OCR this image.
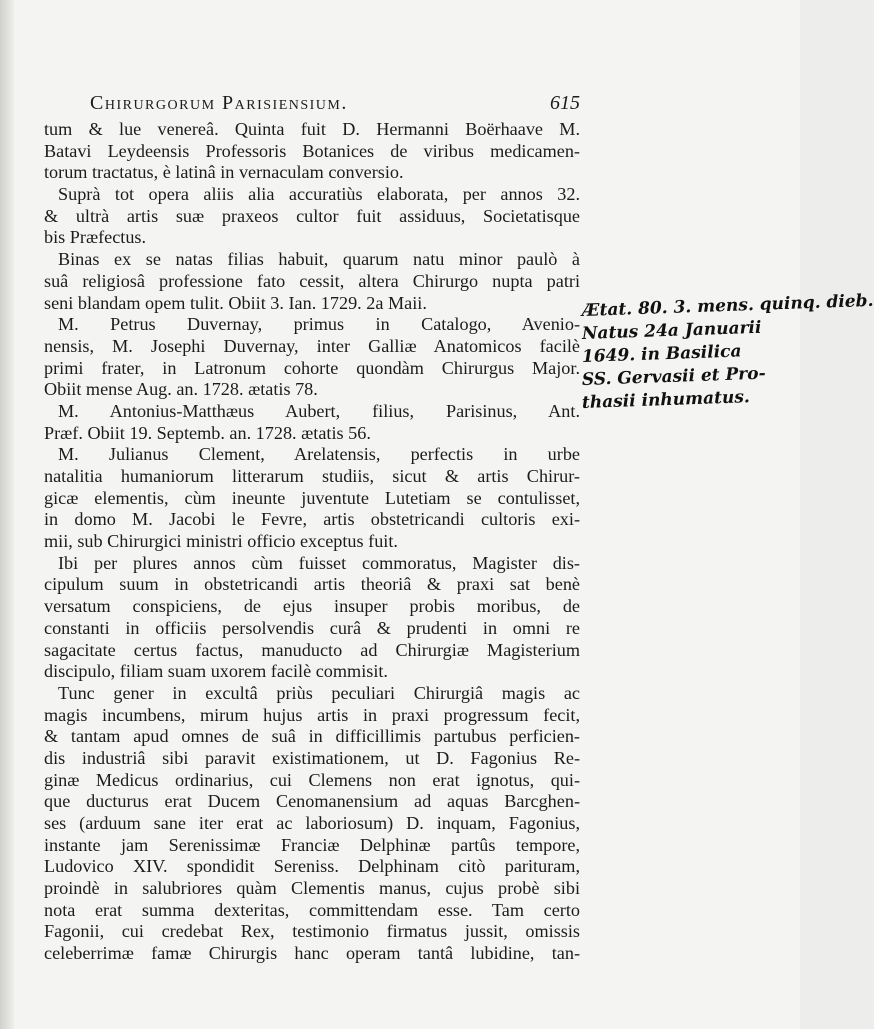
Chirurgorum Parisiensium.	615
tum & lue venereâ. Quinta fuit D. Hermanni Boërhaave M.
Batavi Leydeensis Professoris Botanices de viribus medicamen-
torum tractatus, è latinâ in vernaculam conversio.
Suprà tot opera aliis alia accuratiùs elaborata, per annos 32.
& ultrà artis suæ praxeos cultor fuit assiduus, Societatisque
bis Præfectus.
Binas ex se natas filias habuit, quarum natu minor paulò à
suâ religiosâ professione fato cessit, altera Chirurgo nupta patri
seni blandam opem tulit. Obiit 3. Ian. 1729. 2a Maii.
M. Petrus Duvernay, primus in Catalogo, Avenio-
nensis, M. Josephi Duvernay, inter Galliæ Anatomicos facilè
primi frater, in Latronum cohorte quondàm Chirurgus Major.
Obiit mense Aug. an. 1728. ætatis 78.
M. Antonius-Matthæus Aubert, filius, Parisinus, Ant.
Præf. Obiit 19. Septemb. an. 1728. ætatis 56.
M. Julianus Clement, Arelatensis, perfectis in urbe
natalitia humaniorum litterarum studiis, sicut & artis Chirur-
gicæ elementis, cùm ineunte juventute Lutetiam se contulisset,
in domo M. Jacobi le Fevre, artis obstetricandi cultoris exi-
mii, sub Chirurgici ministri officio exceptus fuit.
Ibi per plures annos cùm fuisset commoratus, Magister dis-
cipulum suum in obstetricandi artis theoriâ & praxi sat benè
versatum conspiciens, de ejus insuper probis moribus, de
constanti in officiis persolvendis curâ & prudenti in omni re
sagacitate certus factus, manuducto ad Chirurgiæ Magisterium
discipulo, filiam suam uxorem facilè commisit.
Tunc gener in excultâ priùs peculiari Chirurgiâ magis ac
magis incumbens, mirum hujus artis in praxi progressum fecit,
& tantam apud omnes de suâ in difficillimis partubus perficien-
dis industriâ sibi paravit existimationem, ut D. Fagonius Re-
ginæ Medicus ordinarius, cui Clemens non erat ignotus, qui-
que ducturus erat Ducem Cenomanensium ad aquas Barcghen-
ses (arduum sane iter erat ac laboriosum) D. inquam, Fagonius,
instante jam Serenissimæ Franciæ Delphinæ partûs tempore,
Ludovico XIV. spondidit Sereniss. Delphinam citò parituram,
proindè in salubriores quàm Clementis manus, cujus probè sibi
nota erat summa dexteritas, committendam esse. Tam certo
Fagonii, cui credebat Rex, testimonio firmatus jussit, omissis
celeberrimæ famæ Chirurgis hanc operam tantâ lubidine, tan-
Ætat. 80. 3. mens. quinq. dieb.
Natus 24a Januarii
1649. in Basilica
SS. Gervasii et Pro-
thasii inhumatus.
